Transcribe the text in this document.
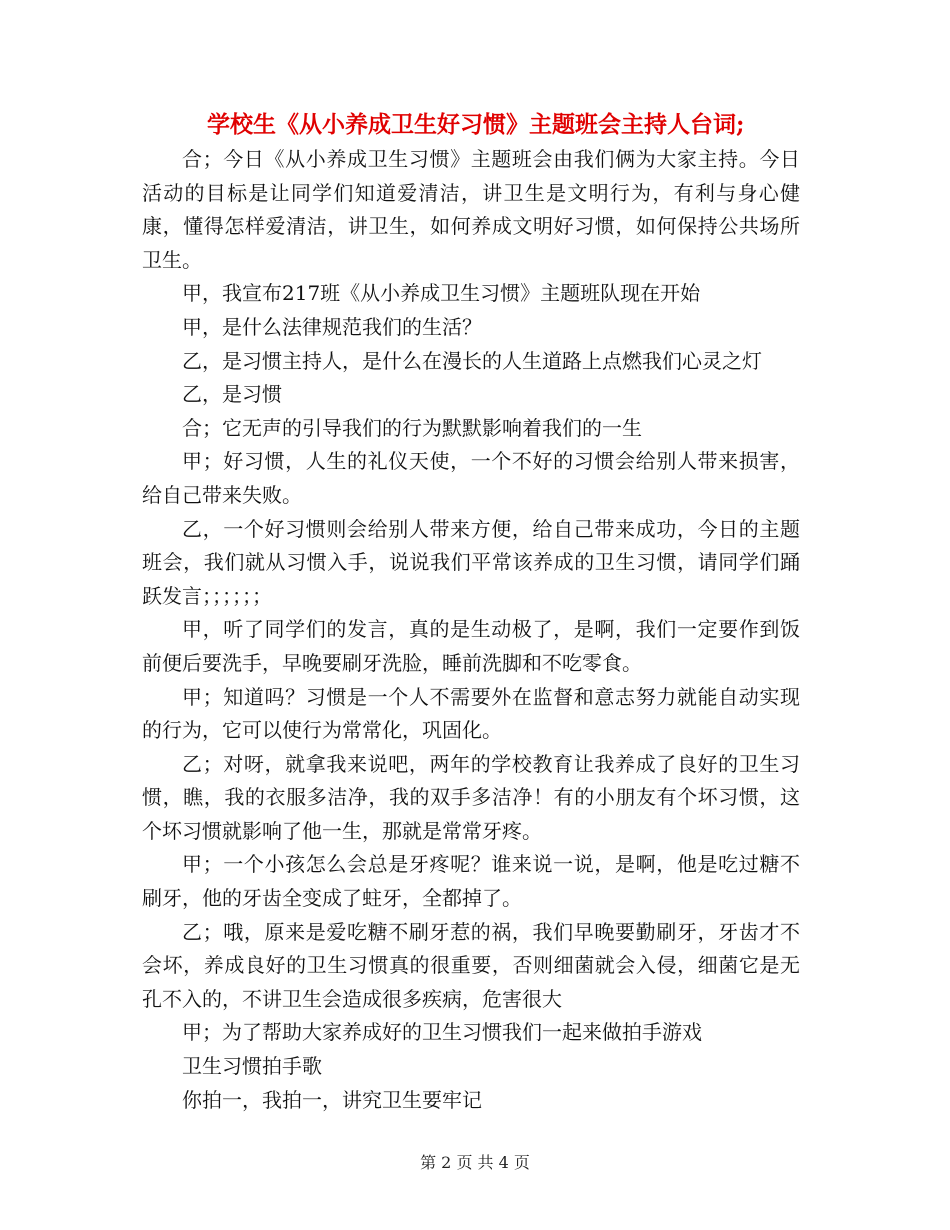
学校生《从小养成卫生好习惯》主题班会主持人台词;

合；今日《从小养成卫生习惯》主题班会由我们俩为大家主持。今日活动的目标是让同学们知道爱清洁，讲卫生是文明行为，有利与身心健康，懂得怎样爱清洁，讲卫生，如何养成文明好习惯，如何保持公共场所卫生。

甲，我宣布217班《从小养成卫生习惯》主题班队现在开始

甲，是什么法律规范我们的生活？

乙，是习惯主持人，是什么在漫长的人生道路上点燃我们心灵之灯

乙，是习惯

合；它无声的引导我们的行为默默影响着我们的一生

甲；好习惯，人生的礼仪天使，一个不好的习惯会给别人带来损害，给自己带来失败。

乙，一个好习惯则会给别人带来方便，给自己带来成功，今日的主题班会，我们就从习惯入手，说说我们平常该养成的卫生习惯，请同学们踊跃发言；；；；；；

甲，听了同学们的发言，真的是生动极了，是啊，我们一定要作到饭前便后要洗手，早晚要刷牙洗脸，睡前洗脚和不吃零食。

甲；知道吗？习惯是一个人不需要外在监督和意志努力就能自动实现的行为，它可以使行为常常化，巩固化。

乙；对呀，就拿我来说吧，两年的学校教育让我养成了良好的卫生习惯，瞧，我的衣服多洁净，我的双手多洁净！有的小朋友有个坏习惯，这个坏习惯就影响了他一生，那就是常常牙疼。

甲；一个小孩怎么会总是牙疼呢？谁来说一说，是啊，他是吃过糖不刷牙，他的牙齿全变成了蛀牙，全都掉了。

乙；哦，原来是爱吃糖不刷牙惹的祸，我们早晚要勤刷牙，牙齿才不会坏，养成良好的卫生习惯真的很重要，否则细菌就会入侵，细菌它是无孔不入的，不讲卫生会造成很多疾病，危害很大

甲；为了帮助大家养成好的卫生习惯我们一起来做拍手游戏

卫生习惯拍手歌

你拍一，我拍一，讲究卫生要牢记

第 2 页 共 4 页
